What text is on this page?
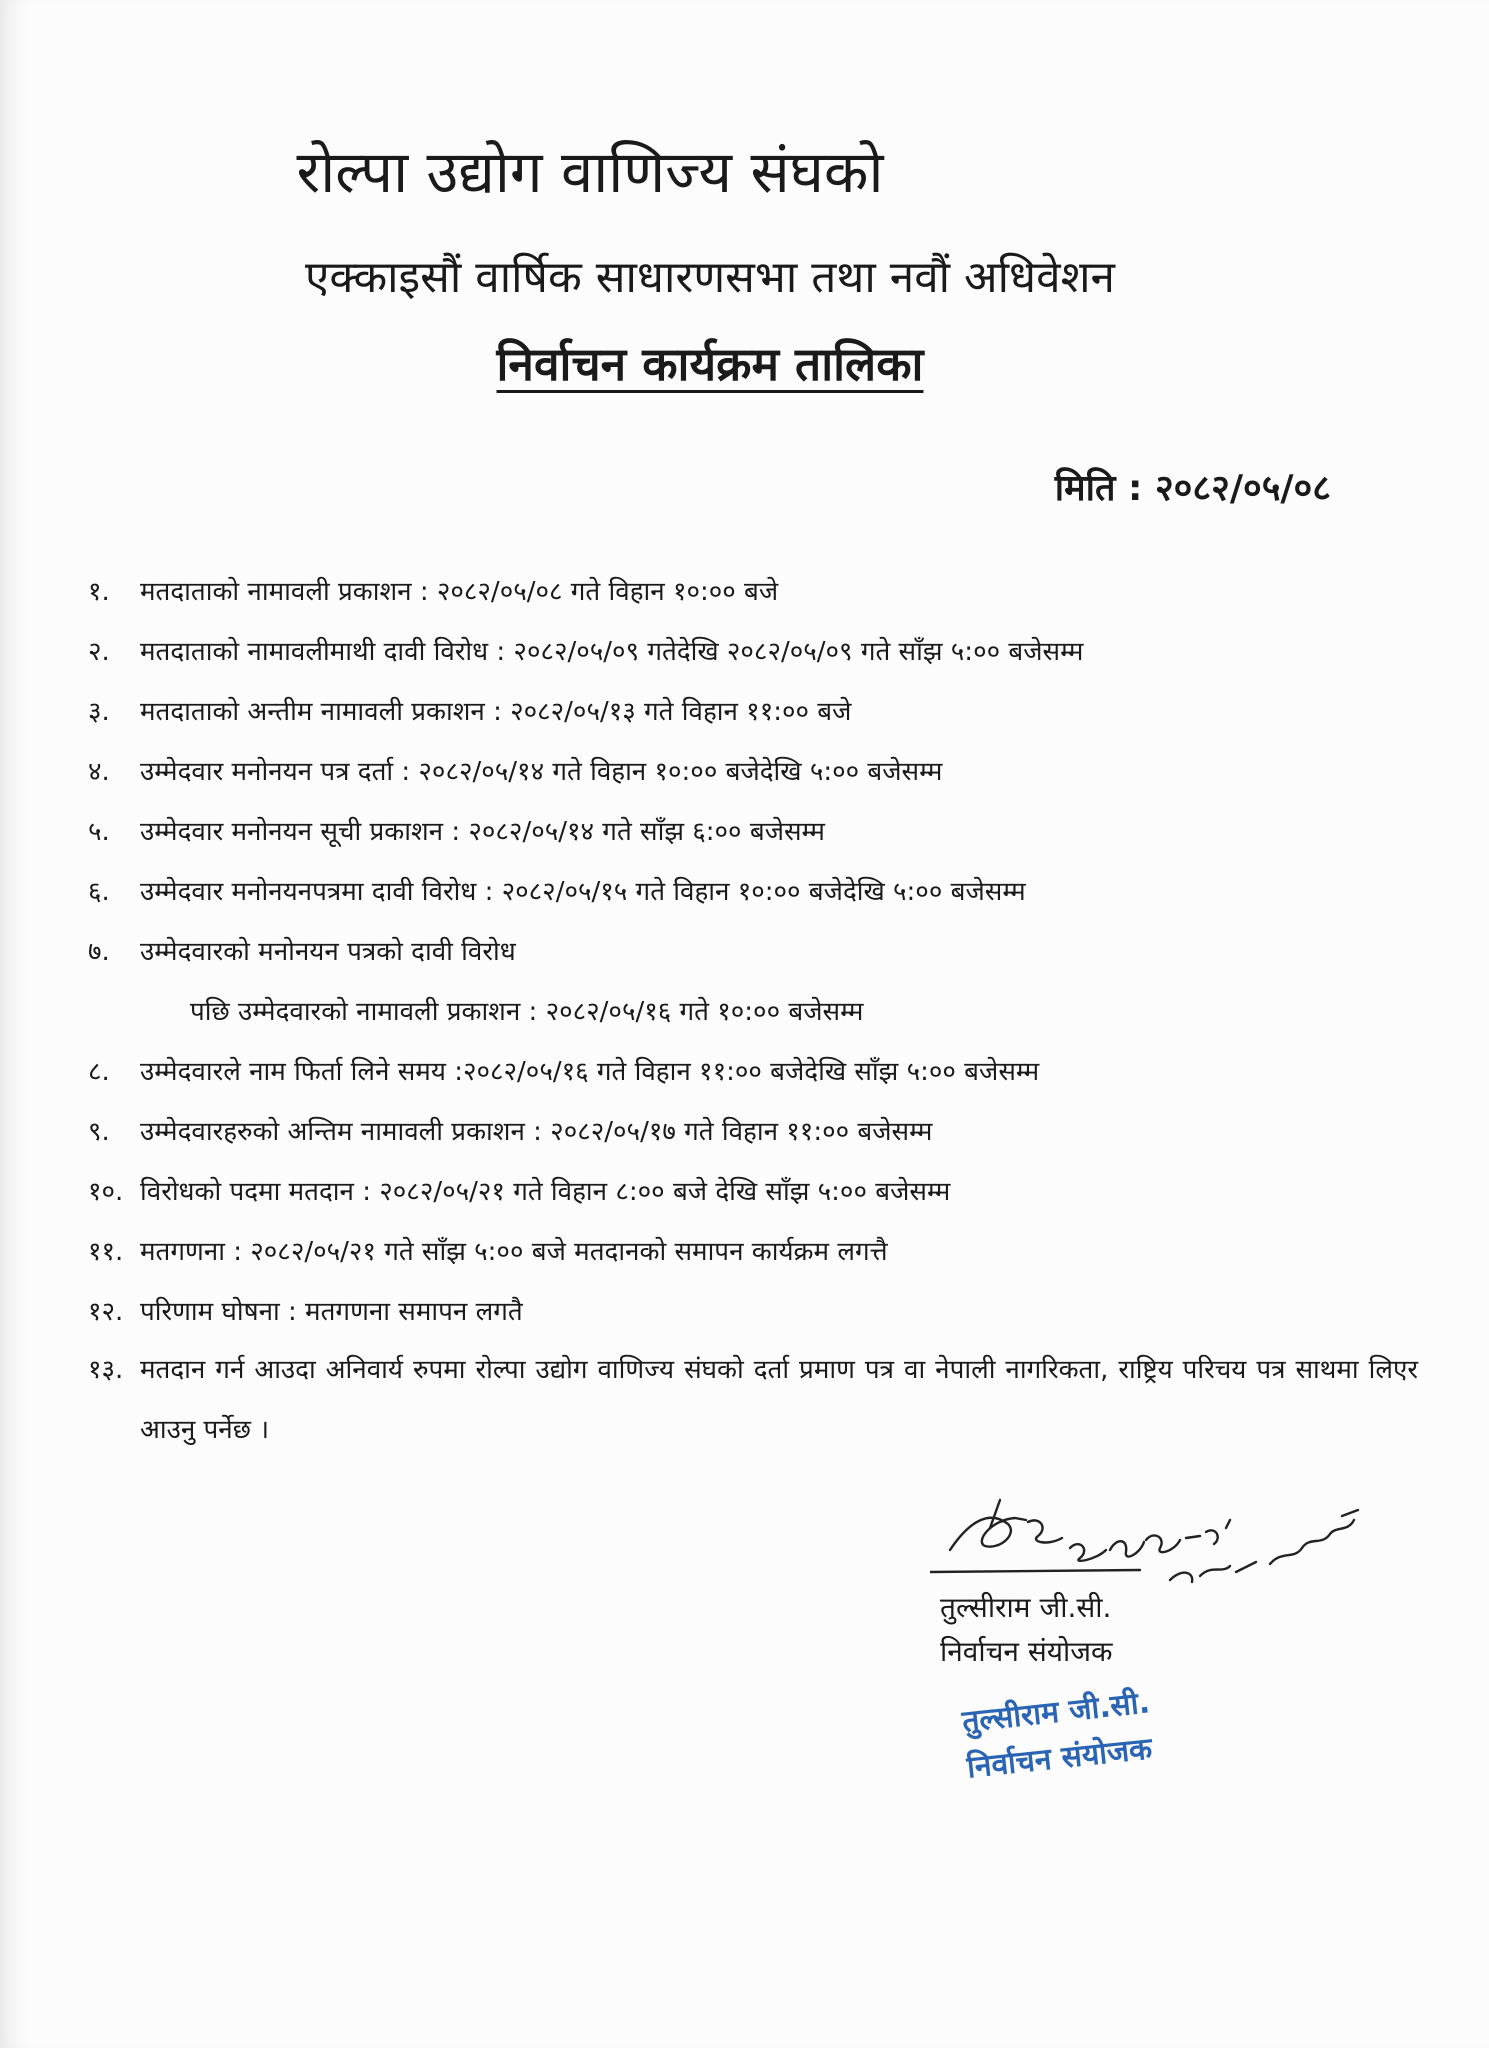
रोल्पा उद्योग वाणिज्य संघको
एक्काइसौं वार्षिक साधारणसभा तथा नवौं अधिवेशन
निर्वाचन कार्यक्रम तालिका
मिति : २०८२/०५/०८
१.	मतदाताको नामावली प्रकाशन : २०८२/०५/०८ गते विहान १०:०० बजे
२.	मतदाताको नामावलीमाथी दावी विरोध : २०८२/०५/०९ गतेदेखि २०८२/०५/०९ गते साँझ ५:०० बजेसम्म
३.	मतदाताको अन्तीम नामावली प्रकाशन : २०८२/०५/१३ गते विहान ११:०० बजे
४.	उम्मेदवार मनोनयन पत्र दर्ता : २०८२/०५/१४ गते विहान १०:०० बजेदेखि ५:०० बजेसम्म
५.	उम्मेदवार मनोनयन सूची प्रकाशन : २०८२/०५/१४ गते साँझ ६:०० बजेसम्म
६.	उम्मेदवार मनोनयनपत्रमा दावी विरोध : २०८२/०५/१५ गते विहान १०:०० बजेदेखि ५:०० बजेसम्म
७.	उम्मेदवारको मनोनयन पत्रको दावी विरोध
पछि उम्मेदवारको नामावली प्रकाशन : २०८२/०५/१६ गते १०:०० बजेसम्म
८.	उम्मेदवारले नाम फिर्ता लिने समय :२०८२/०५/१६ गते विहान ११:०० बजेदेखि साँझ ५:०० बजेसम्म
९.	उम्मेदवारहरुको अन्तिम नामावली प्रकाशन : २०८२/०५/१७ गते विहान ११:०० बजेसम्म
१०. विरोधको पदमा मतदान : २०८२/०५/२१ गते विहान ८:०० बजे देखि साँझ ५:०० बजेसम्म
११. मतगणना : २०८२/०५/२१ गते साँझ ५:०० बजे मतदानको समापन कार्यक्रम लगत्तै
१२. परिणाम घोषना : मतगणना समापन लगतै
१३. मतदान गर्न आउदा अनिवार्य रुपमा रोल्पा उद्योग वाणिज्य संघको दर्ता प्रमाण पत्र वा नेपाली नागरिकता, राष्ट्रिय परिचय पत्र साथमा लिएर आउनु पर्नेछ ।
तुल्सीराम जी.सी.
निर्वाचन संयोजक
तुल्सीराम जी.सी.
निर्वाचन संयोजक
